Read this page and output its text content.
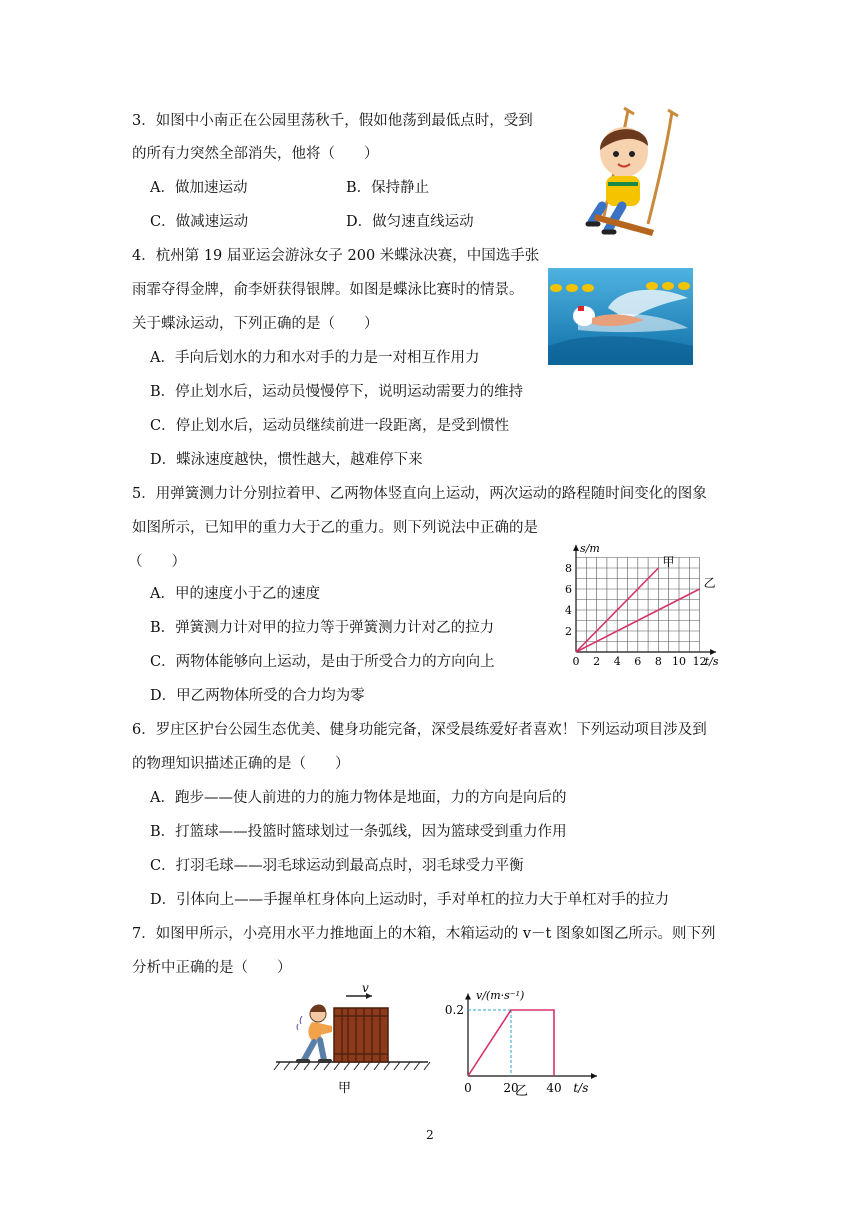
3．如图中小南正在公园里荡秋千，假如他荡到最低点时，受到
的所有力突然全部消失，他将（　　）
A．做加速运动	B．保持静止
C．做减速运动	D．做匀速直线运动
4．杭州第 19 届亚运会游泳女子 200 米蝶泳决赛，中国选手张
雨霏夺得金牌，俞李妍获得银牌。如图是蝶泳比赛时的情景。
关于蝶泳运动，下列正确的是（　　）
A．手向后划水的力和水对手的力是一对相互作用力
B．停止划水后，运动员慢慢停下，说明运动需要力的维持
C．停止划水后，运动员继续前进一段距离，是受到惯性
D．蝶泳速度越快，惯性越大，越难停下来
5．用弹簧测力计分别拉着甲、乙两物体竖直向上运动，两次运动的路程随时间变化的图象
如图所示，已知甲的重力大于乙的重力。则下列说法中正确的是
（　　）
A．甲的速度小于乙的速度
B．弹簧测力计对甲的拉力等于弹簧测力计对乙的拉力
C．两物体能够向上运动，是由于所受合力的方向向上
D．甲乙两物体所受的合力均为零
0 2 4 6 8 10 12
2
4
6
8
s/m
t/s
甲
乙
6．罗庄区护台公园生态优美、健身功能完备，深受晨练爱好者喜欢！下列运动项目涉及到
的物理知识描述正确的是（　　）
A．跑步——使人前进的力的施力物体是地面，力的方向是向后的
B．打篮球——投篮时篮球划过一条弧线，因为篮球受到重力作用
C．打羽毛球——羽毛球运动到最高点时，羽毛球受力平衡
D．引体向上——手握单杠身体向上运动时，手对单杠的拉力大于单杠对手的拉力
7．如图甲所示，小亮用水平力推地面上的木箱，木箱运动的 v－t 图象如图乙所示。则下列
分析中正确的是（　　）
v
甲	0	20 40
0.2
v/(m·s⁻¹)
t/s
乙
2
